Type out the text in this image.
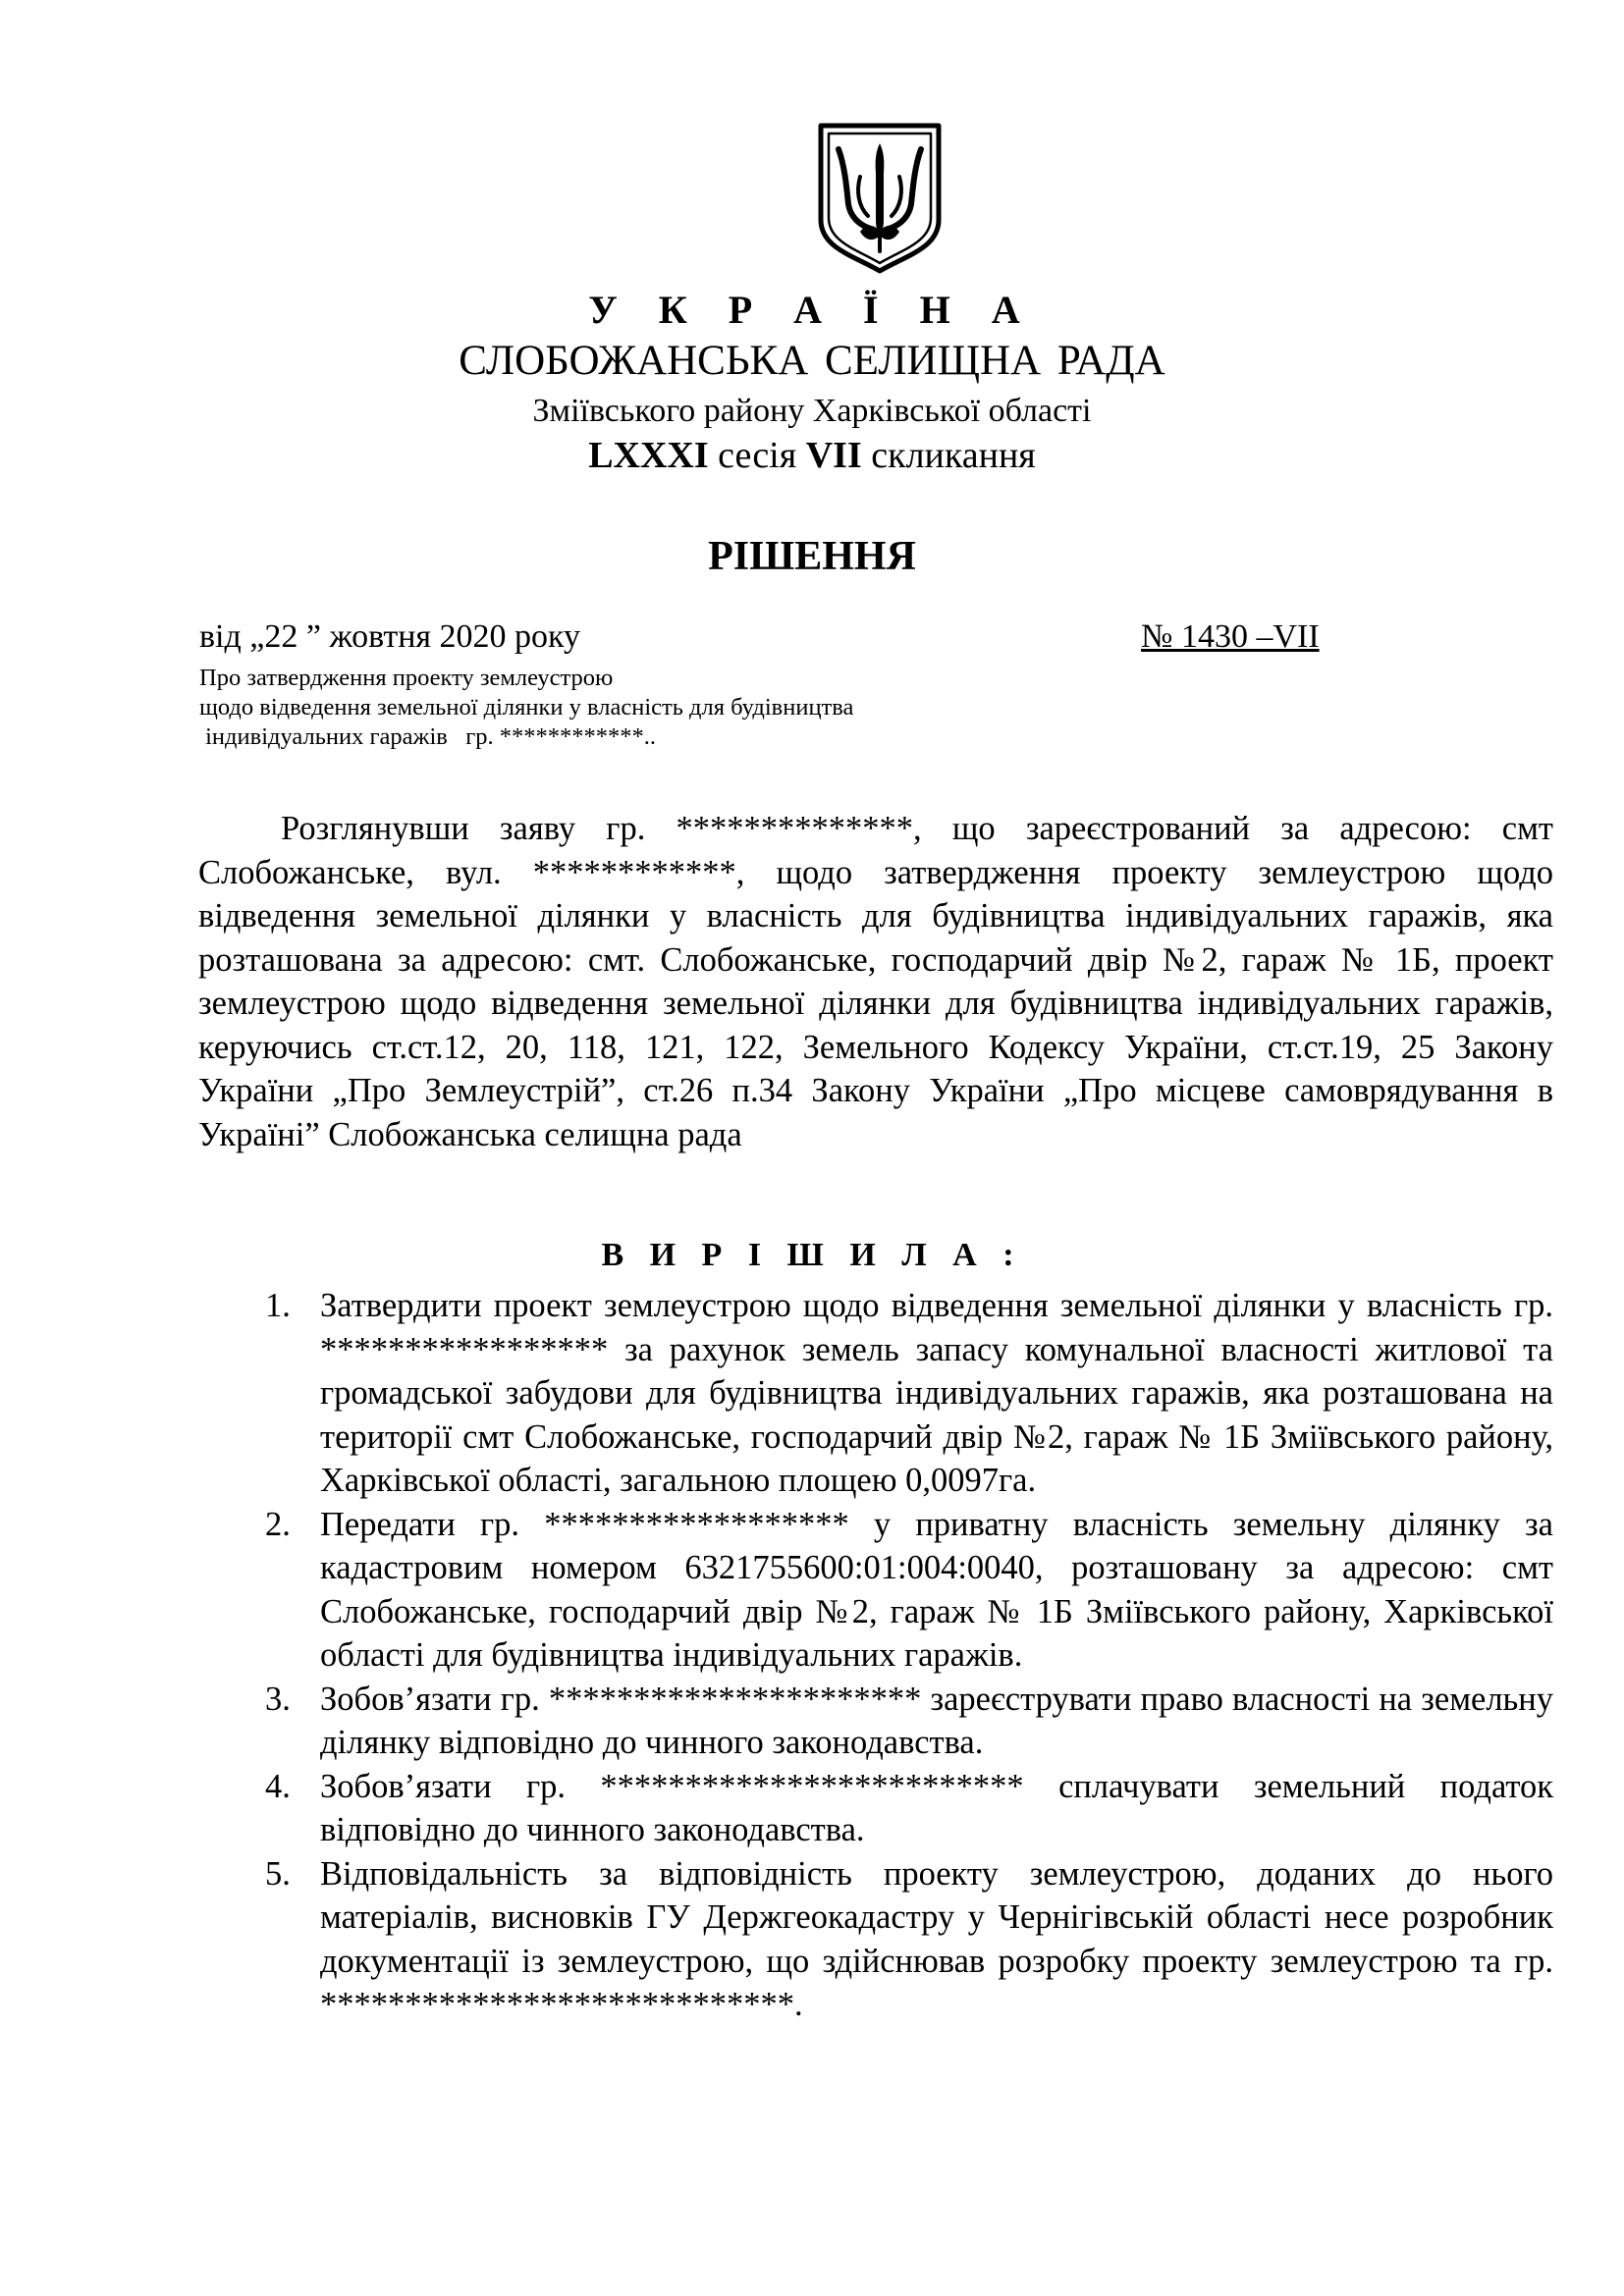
У К Р А Ї Н А
СЛОБОЖАНСЬКА СЕЛИЩНА РАДА
Зміївського району Харківської області
LXXXI сесія VII скликання
РІШЕННЯ
від „22 ” жовтня 2020 року	№ 1430 –VII
Про затвердження проекту землеустрою
щодо відведення земельної ділянки у власність для будівництва
індивідуальних гаражів   гр. ************..

Розглянувши заяву гр. **************, що зареєстрований за адресою: смт Слобожанське, вул. ************, щодо затвердження проекту землеустрою щодо відведення земельної ділянки у власність для будівництва індивідуальних гаражів, яка розташована за адресою: смт. Слобожанське, господарчий двір №2, гараж № 1Б, проект землеустрою щодо відведення земельної ділянки для будівництва індивідуальних гаражів, керуючись ст.ст.12, 20, 118, 121, 122, Земельного Кодексу України, ст.ст.19, 25 Закону України „Про Землеустрій”, ст.26 п.34 Закону України „Про місцеве самоврядування в Україні” Слобожанська селищна рада

В И Р І Ш И Л А :
1. Затвердити проект землеустрою щодо відведення земельної ділянки у власність гр. ***************** за рахунок земель запасу комунальної власності житлової та громадської забудови для будівництва індивідуальних гаражів, яка розташована на території смт Слобожанське, господарчий двір №2, гараж № 1Б Зміївського району, Харківської області, загальною площею 0,0097га.
2. Передати гр. ****************** у приватну власність земельну ділянку за кадастровим номером 6321755600:01:004:0040, розташовану за адресою: смт Слобожанське, господарчий двір №2, гараж № 1Б Зміївського району, Харківської області для будівництва індивідуальних гаражів.
3. Зобов’язати гр. ********************** зареєструвати право власності на земельну ділянку відповідно до чинного законодавства.
4. Зобов’язати гр. ************************* сплачувати земельний податок відповідно до чинного законодавства.
5. Відповідальність за відповідність проекту землеустрою, доданих до нього матеріалів, висновків ГУ Держгеокадастру у Чернігівській області несе розробник документації із землеустрою, що здійснював розробку проекту землеустрою та гр. ****************************.
